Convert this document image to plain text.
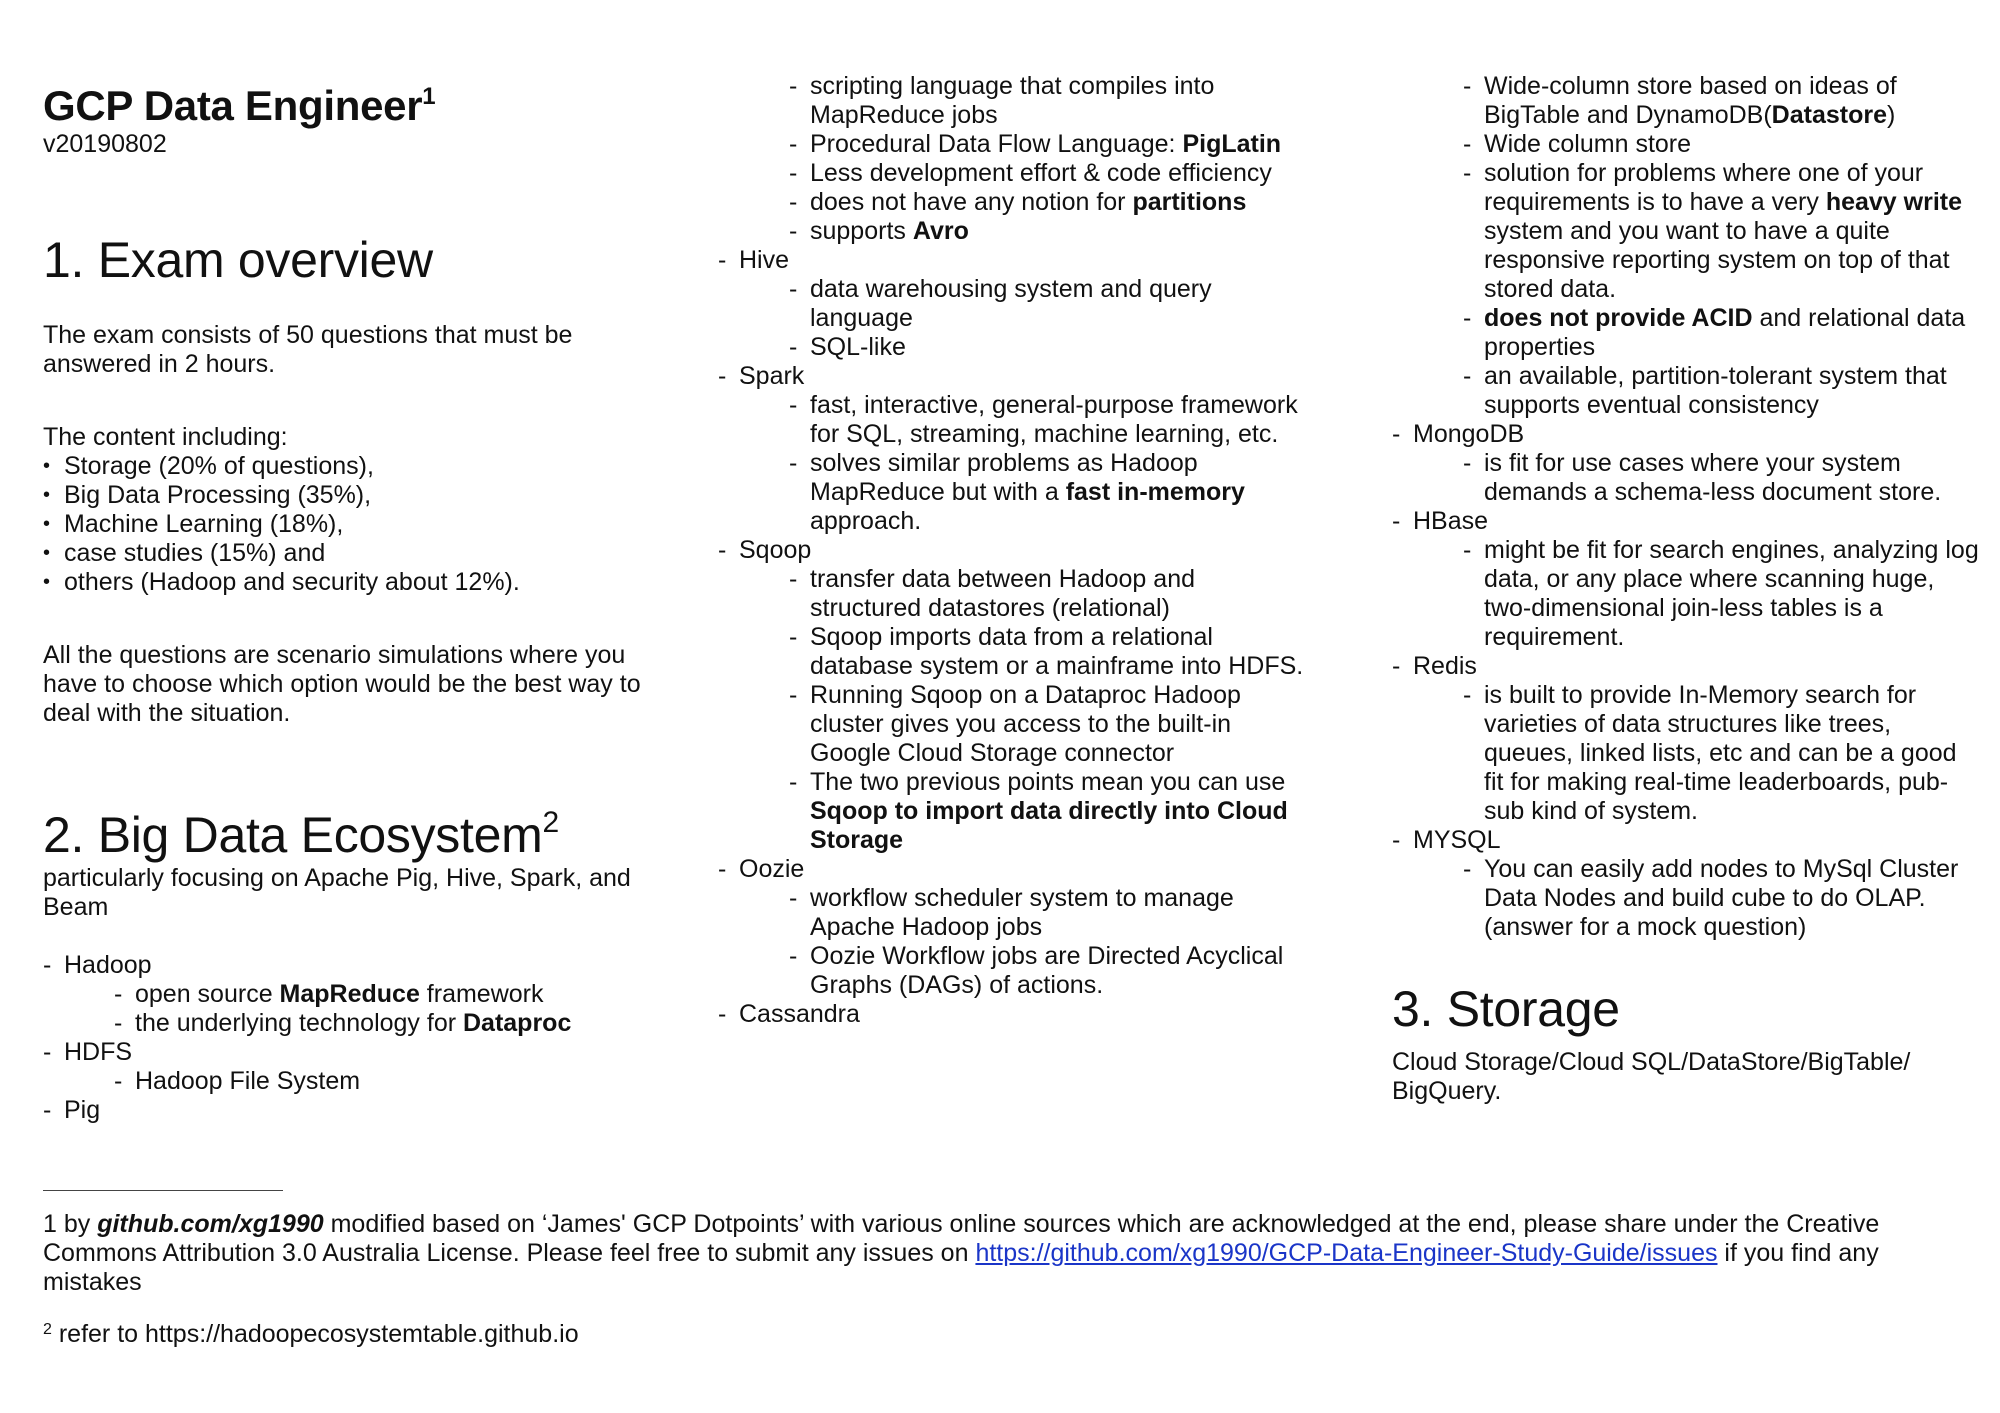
GCP Data Engineer$^1$

v20190802

1. Exam overview

The exam consists of 50 questions that must be answered in 2 hours.

The content including:

• Storage (20% of questions),
• Big Data Processing (35%),
• Machine Learning (18%),
• case studies (15%) and
• others (Hadoop and security about 12%).

All the questions are scenario simulations where you have to choose which option would be the best way to deal with the situation.

2. Big Data Ecosystem$^2$

particularly focusing on Apache Pig, Hive, Spark, and Beam

- Hadoop
- open source MapReduce framework
- the underlying technology for Dataproc
- HDFS
- Hadoop File System
- Pig
- scripting language that compiles into MapReduce jobs
- Procedural Data Flow Language: PigLatin
- Less development effort & code efficiency
- does not have any notion for partitions
- supports Avro
- Hive
- data warehousing system and query language
- SQL-like
- Spark
- fast, interactive, general-purpose framework for SQL, streaming, machine learning, etc.
- solves similar problems as Hadoop MapReduce but with a fast in-memory approach.
- Sqoop
- transfer data between Hadoop and structured datastores (relational)
- Sqoop imports data from a relational database system or a mainframe into HDFS.
- Running Sqoop on a Dataproc Hadoop cluster gives you access to the built-in Google Cloud Storage connector
- The two previous points mean you can use Sqoop to import data directly into Cloud Storage
- Oozie
- workflow scheduler system to manage Apache Hadoop jobs
- Oozie Workflow jobs are Directed Acyclical Graphs (DAGs) of actions.
- Cassandra
- Wide-column store based on ideas of BigTable and DynamoDB(Datastore)
- Wide column store
- solution for problems where one of your requirements is to have a very heavy write system and you want to have a quite responsive reporting system on top of that stored data.
- does not provide ACID and relational data properties
- an available, partition-tolerant system that supports eventual consistency
- MongoDB
- is fit for use cases where your system demands a schema-less document store.
- HBase
- might be fit for search engines, analyzing log data, or any place where scanning huge, two-dimensional join-less tables is a requirement.
- Redis
- is built to provide In-Memory search for varieties of data structures like trees, queues, linked lists, etc and can be a good fit for making real-time leaderboards, pub-sub kind of system.
- MYSQL
- You can easily add nodes to MySql Cluster Data Nodes and build cube to do OLAP. (answer for a mock question)
3. Storage

Cloud Storage/Cloud SQL/DataStore/BigTable/ BigQuery.

1 by github.com/xg1990 modified based on ‘James' GCP Dotpoints’ with various online sources which are acknowledged at the end, please share under the Creative Commons Attribution 3.0 Australia License. Please feel free to submit any issues on https://github.com/xg1990/GCP-Data-Engineer-Study-Guide/issues if you find any mistakes
$^2$ refer to https://hadoopecosystemtable.github.io
